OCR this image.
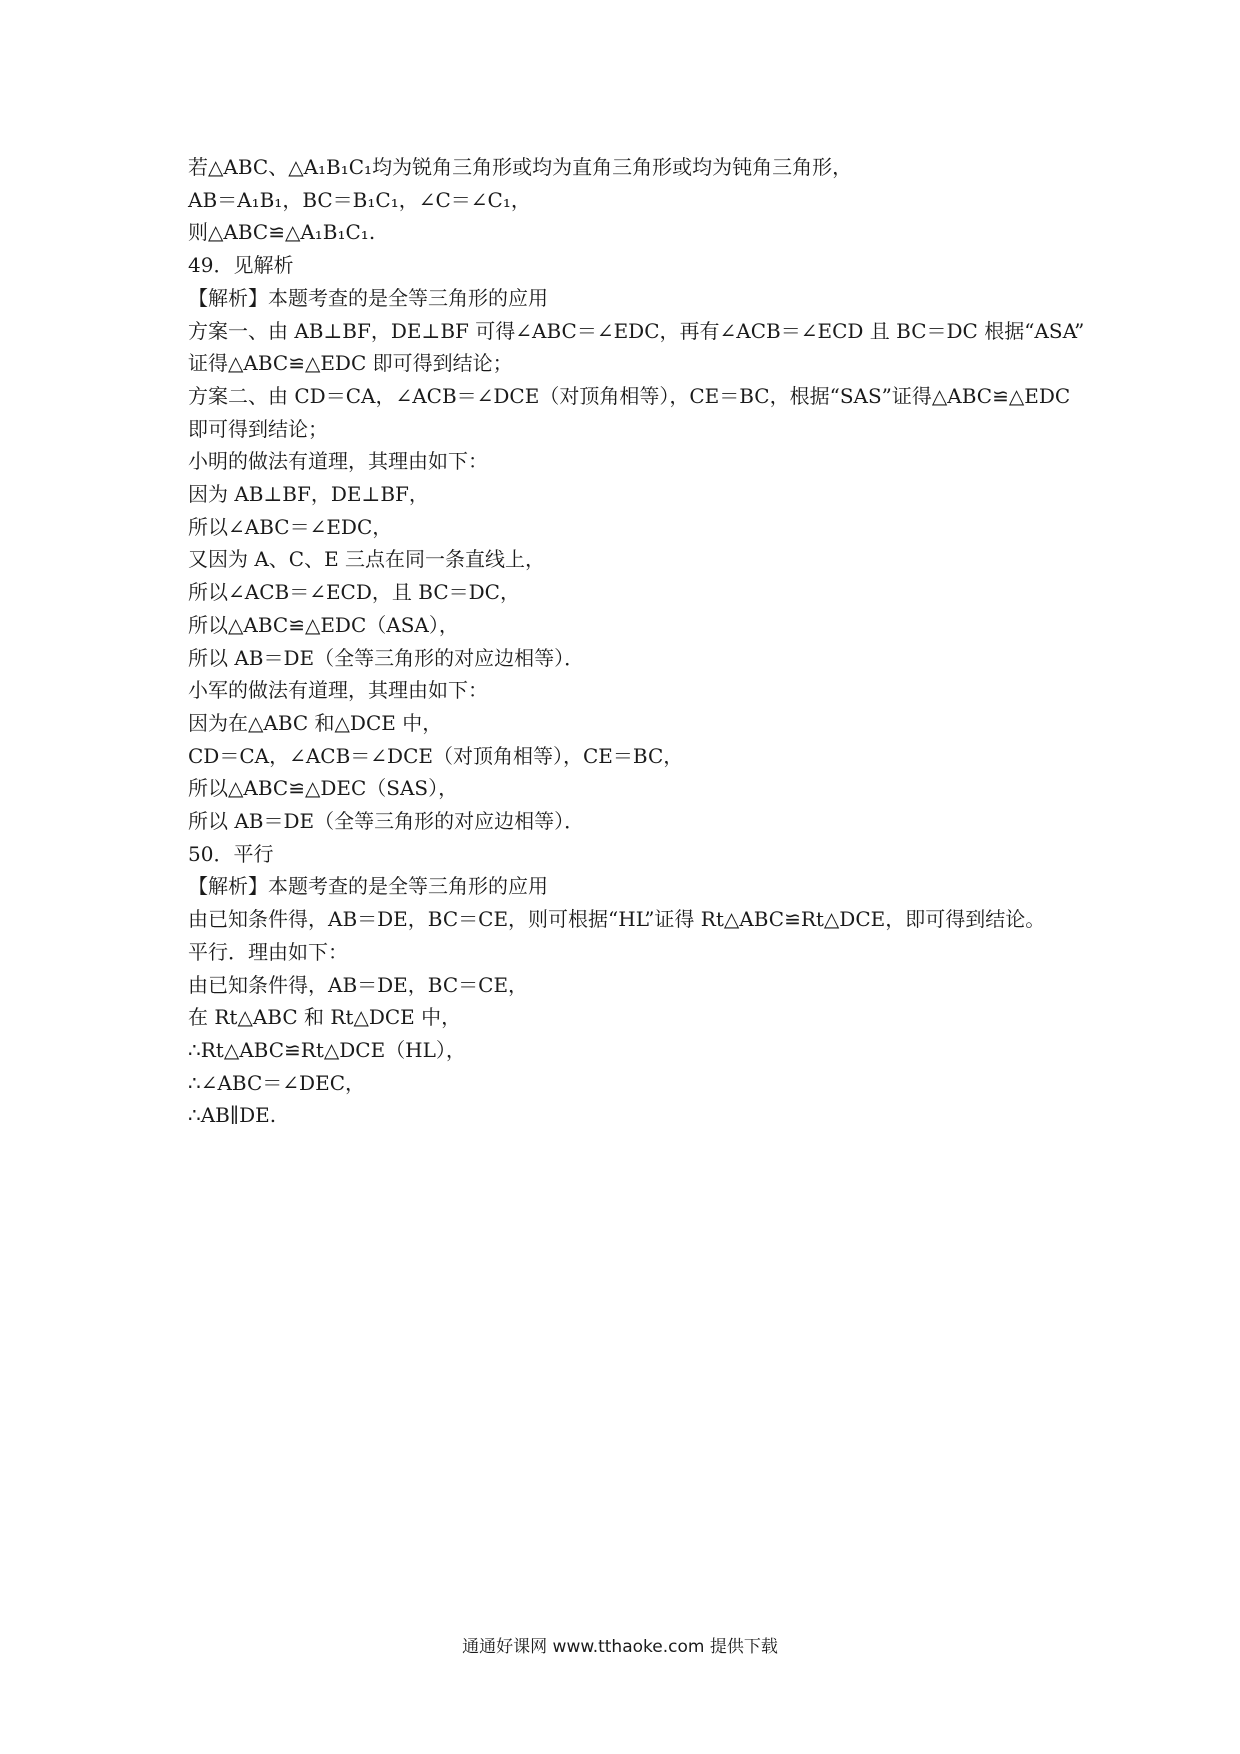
若△ABC、△A₁B₁C₁均为锐角三角形或均为直角三角形或均为钝角三角形，
AB＝A₁B₁，BC＝B₁C₁，∠C＝∠C₁，
则△ABC≌△A₁B₁C₁.
49．见解析
【解析】本题考查的是全等三角形的应用
方案一、由 AB⊥BF，DE⊥BF 可得∠ABC＝∠EDC，再有∠ACB＝∠ECD 且 BC＝DC 根据“ASA”
证得△ABC≌△EDC 即可得到结论；
方案二、由 CD＝CA，∠ACB＝∠DCE（对顶角相等），CE＝BC，根据“SAS”证得△ABC≌△EDC
即可得到结论；
小明的做法有道理，其理由如下：
因为 AB⊥BF，DE⊥BF，
所以∠ABC＝∠EDC，
又因为 A、C、E 三点在同一条直线上，
所以∠ACB＝∠ECD，且 BC＝DC，
所以△ABC≌△EDC（ASA），
所以 AB＝DE（全等三角形的对应边相等）．
小军的做法有道理，其理由如下：
因为在△ABC 和△DCE 中，
CD＝CA，∠ACB＝∠DCE（对顶角相等），CE＝BC，
所以△ABC≌△DEC（SAS），
所以 AB＝DE（全等三角形的对应边相等）．
50．平行
【解析】本题考查的是全等三角形的应用
由已知条件得，AB＝DE，BC＝CE，则可根据“HL”证得 Rt△ABC≌Rt△DCE，即可得到结论。
平行．理由如下：
由已知条件得，AB＝DE，BC＝CE，
在 Rt△ABC 和 Rt△DCE 中，
∴Rt△ABC≌Rt△DCE（HL），
∴∠ABC＝∠DEC，
∴AB∥DE.
通通好课网 www.tthaoke.com 提供下载
